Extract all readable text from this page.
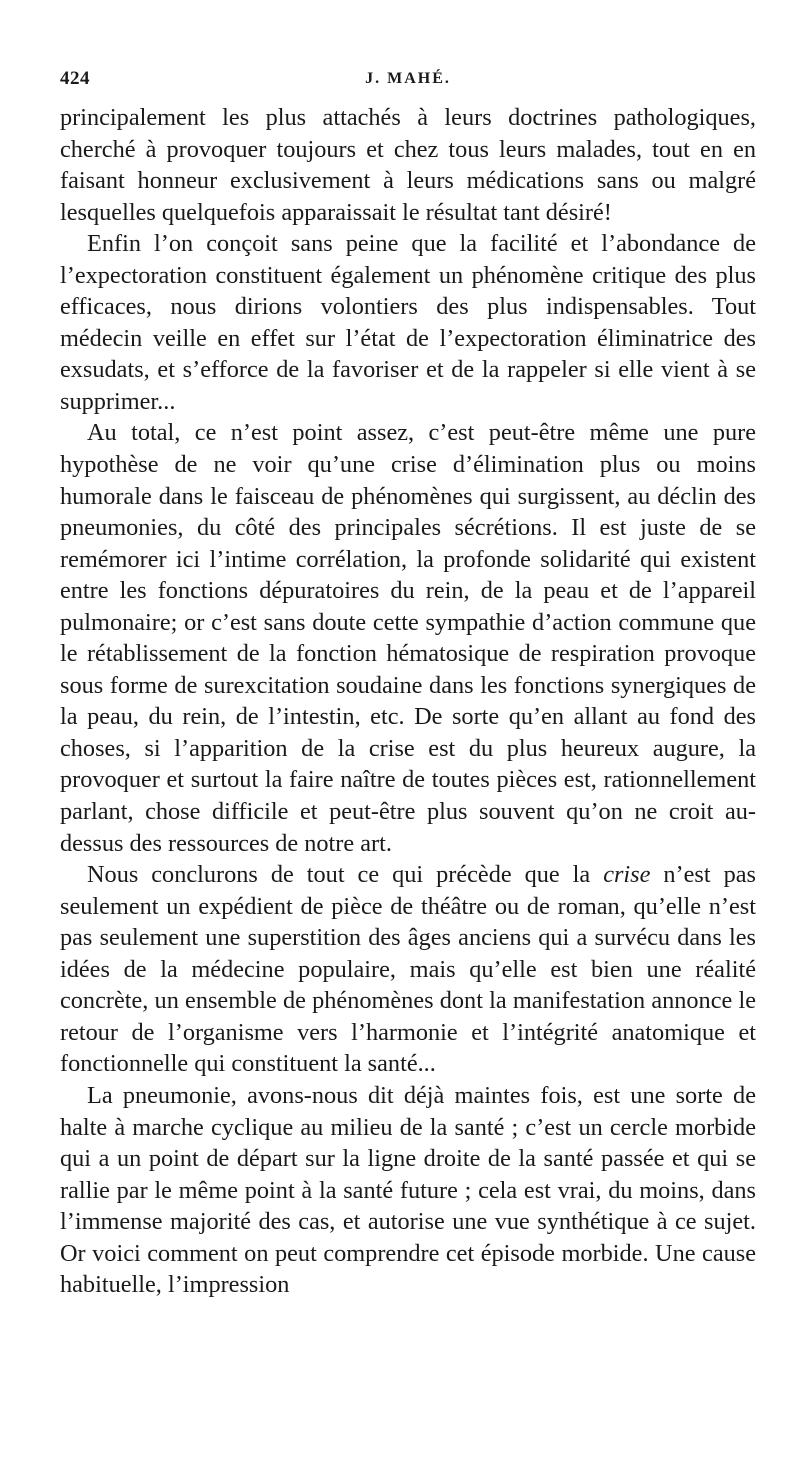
424	J. MAHÉ.

principalement les plus attachés à leurs doctrines pathologiques, cherché à provoquer toujours et chez tous leurs malades, tout en en faisant honneur exclusivement à leurs médications sans ou malgré lesquelles quelquefois apparaissait le résultat tant désiré!

Enfin l’on conçoit sans peine que la facilité et l’abondance de l’expectoration constituent également un phénomène critique des plus efficaces, nous dirions volontiers des plus indispensables. Tout médecin veille en effet sur l’état de l’expectoration éliminatrice des exsudats, et s’efforce de la favoriser et de la rappeler si elle vient à se supprimer...

Au total, ce n’est point assez, c’est peut-être même une pure hypothèse de ne voir qu’une crise d’élimination plus ou moins humorale dans le faisceau de phénomènes qui surgissent, au déclin des pneumonies, du côté des principales sécrétions. Il est juste de se remémorer ici l’intime corrélation, la profonde solidarité qui existent entre les fonctions dépuratoires du rein, de la peau et de l’appareil pulmonaire; or c’est sans doute cette sympathie d’action commune que le rétablissement de la fonction hématosique de respiration provoque sous forme de surexcitation soudaine dans les fonctions synergiques de la peau, du rein, de l’intestin, etc. De sorte qu’en allant au fond des choses, si l’apparition de la crise est du plus heureux augure, la provoquer et surtout la faire naître de toutes pièces est, rationnellement parlant, chose difficile et peut-être plus souvent qu’on ne croit au-dessus des ressources de notre art.

Nous conclurons de tout ce qui précède que la crise n’est pas seulement un expédient de pièce de théâtre ou de roman, qu’elle n’est pas seulement une superstition des âges anciens qui a survécu dans les idées de la médecine populaire, mais qu’elle est bien une réalité concrète, un ensemble de phénomènes dont la manifestation annonce le retour de l’organisme vers l’harmonie et l’intégrité anatomique et fonctionnelle qui constituent la santé...

La pneumonie, avons-nous dit déjà maintes fois, est une sorte de halte à marche cyclique au milieu de la santé ; c’est un cercle morbide qui a un point de départ sur la ligne droite de la santé passée et qui se rallie par le même point à la santé future ; cela est vrai, du moins, dans l’immense majorité des cas, et autorise une vue synthétique à ce sujet. Or voici comment on peut comprendre cet épisode morbide. Une cause habituelle, l’impression
